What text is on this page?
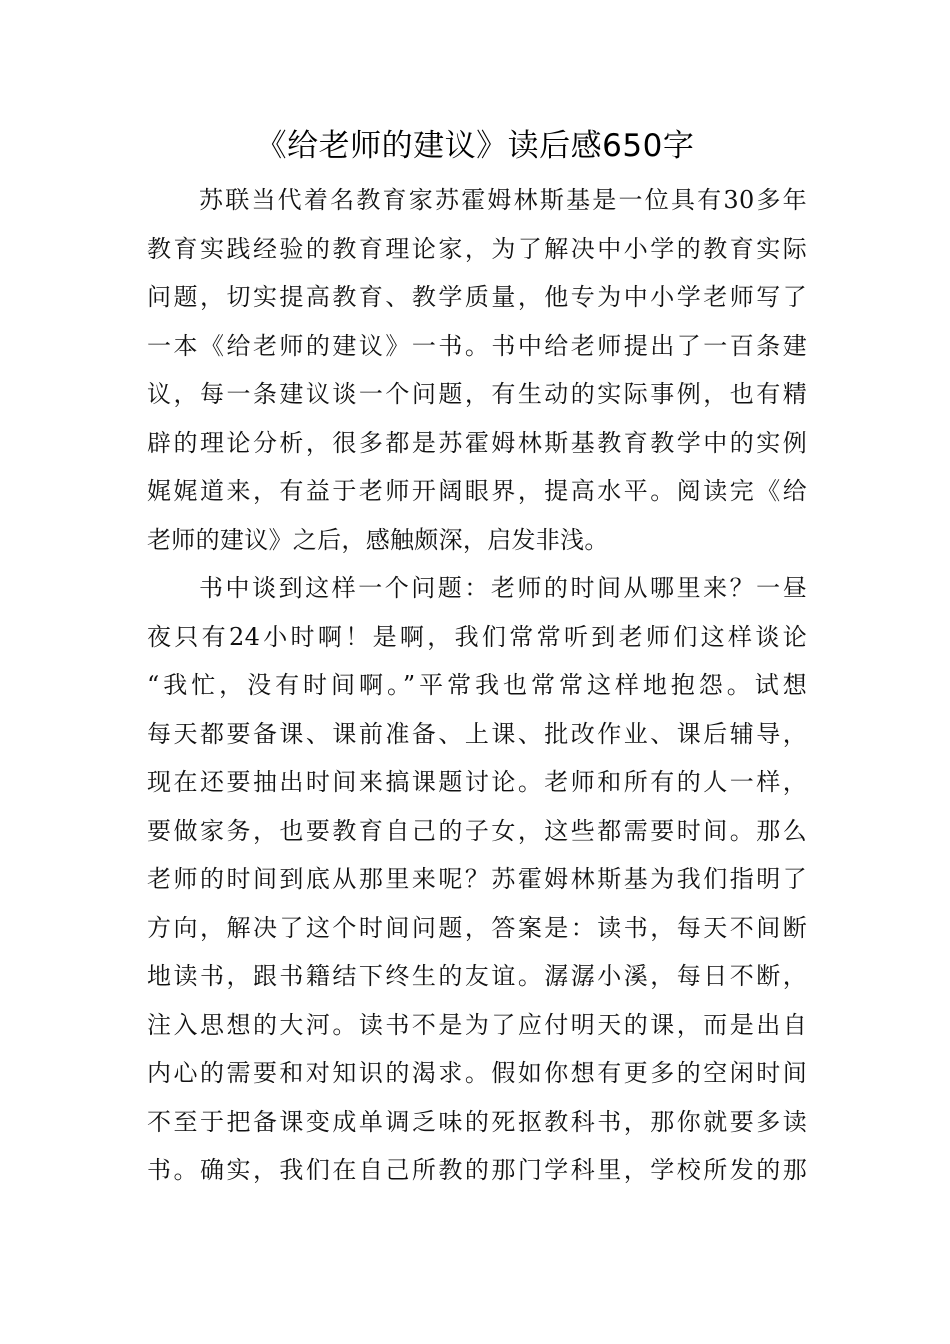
《给老师的建议》读后感650字
苏联当代着名教育家苏霍姆林斯基是一位具有30多年
教育实践经验的教育理论家，为了解决中小学的教育实际
问题，切实提高教育、教学质量，他专为中小学老师写了
一本《给老师的建议》一书。书中给老师提出了一百条建
议，每一条建议谈一个问题，有生动的实际事例，也有精
辟的理论分析，很多都是苏霍姆林斯基教育教学中的实例
娓娓道来，有益于老师开阔眼界，提高水平。阅读完《给
老师的建议》之后，感触颇深，启发非浅。
书中谈到这样一个问题：老师的时间从哪里来？一昼
夜只有24小时啊！是啊，我们常常听到老师们这样谈论
“我忙，没有时间啊。”平常我也常常这样地抱怨。试想
每天都要备课、课前准备、上课、批改作业、课后辅导，
现在还要抽出时间来搞课题讨论。老师和所有的人一样，
要做家务，也要教育自己的子女，这些都需要时间。那么
老师的时间到底从那里来呢？苏霍姆林斯基为我们指明了
方向，解决了这个时间问题，答案是：读书，每天不间断
地读书，跟书籍结下终生的友谊。潺潺小溪，每日不断，
注入思想的大河。读书不是为了应付明天的课，而是出自
内心的需要和对知识的渴求。假如你想有更多的空闲时间
不至于把备课变成单调乏味的死抠教科书，那你就要多读
书。确实，我们在自己所教的那门学科里，学校所发的那
